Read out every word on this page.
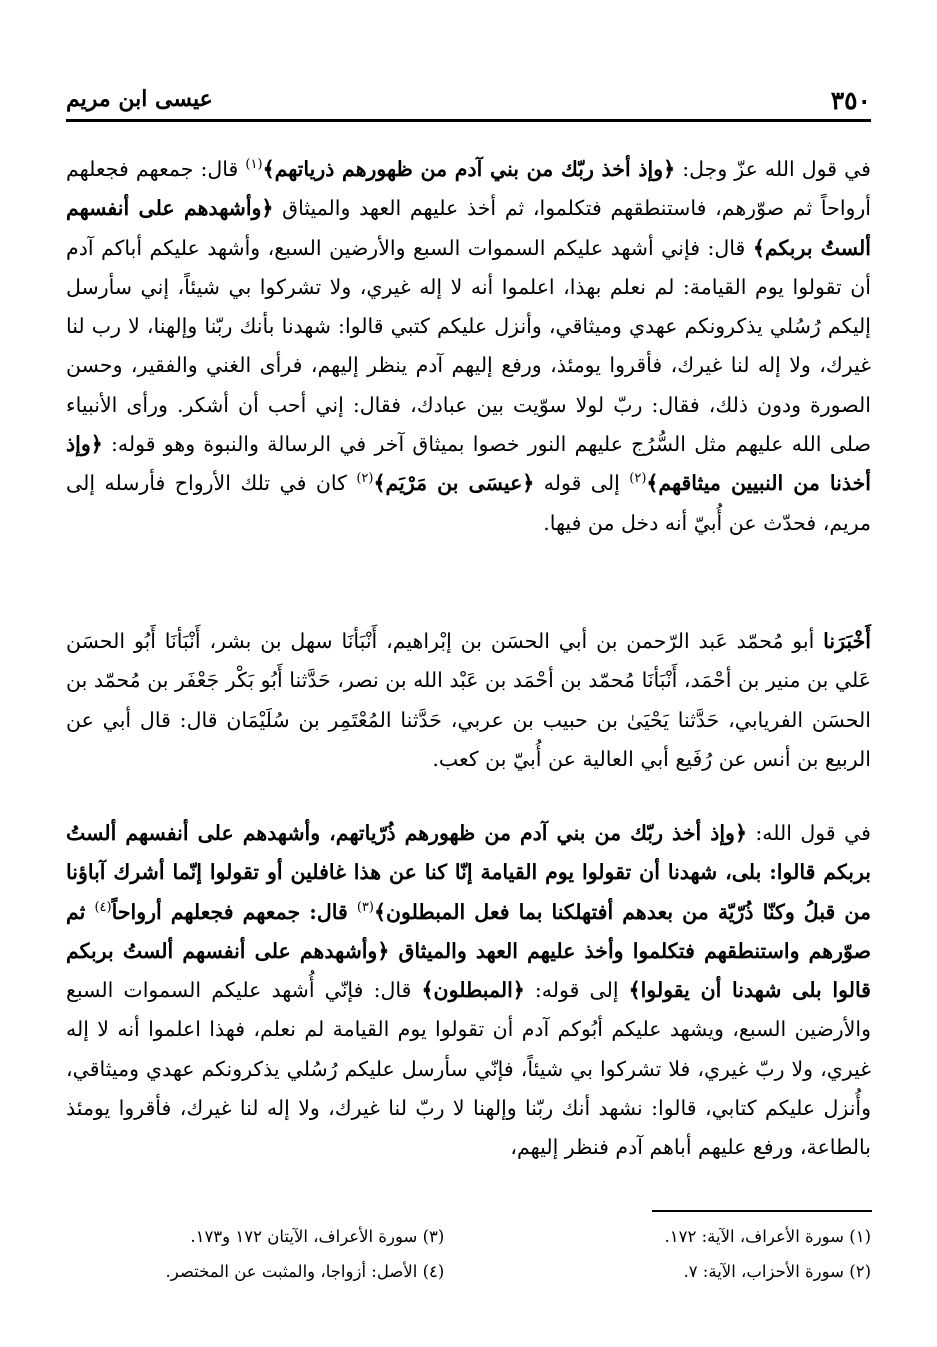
٣٥٠
عيسى ابن مريم

في قول الله عزّ وجل: ﴿وإذ أخذ ربّك من بني آدم من ظهورهم ذرياتهم﴾$^{(١)}$ قال: جمعهم فجعلهم أرواحاً ثم صوّرهم، فاستنطقهم فتكلموا، ثم أخذ عليهم العهد والميثاق ﴿وأشهدهم على أنفسهم ألستُ بربكم﴾ قال: فإني أشهد عليكم السموات السبع والأرضين السبع، وأشهد عليكم أباكم آدم أن تقولوا يوم القيامة: لم نعلم بهذا، اعلموا أنه لا إله غيري، ولا تشركوا بي شيئاً، إني سأرسل إليكم رُسُلي يذكرونكم عهدي وميثاقي، وأنزل عليكم كتبي قالوا: شهدنا بأنك ربّنا وإلهنا، لا رب لنا غيرك، ولا إله لنا غيرك، فأقروا يومئذ، ورفع إليهم آدم ينظر إليهم، فرأى الغني والفقير، وحسن الصورة ودون ذلك، فقال: ربّ لولا سوّيت بين عبادك، فقال: إني أحب أن أشكر. ورأى الأنبياء صلى الله عليهم مثل السُّرُج عليهم النور خصوا بميثاق آخر في الرسالة والنبوة وهو قوله: ﴿وإذ أخذنا من النبيين ميثاقهم﴾$^{(٢)}$ إلى قوله ﴿عيسَى بن مَرْيَم﴾$^{(٢)}$ كان في تلك الأرواح فأرسله إلى مريم، فحدّث عن أُبيّ أنه دخل من فيها.

أَخْبَرَنا أبو مُحمّد عَبد الرّحمن بن أبي الحسَن بن إبْراهيم، أَنْبَأنَا سهل بن بشر، أَنْبَأنَا أَبُو الحسَن عَلي بن منير بن أحْمَد، أَنْبَأنَا مُحمّد بن أحْمَد بن عَبْد الله بن نصر، حَدَّثنا أَبُو بَكْر جَعْفَر بن مُحمّد بن الحسَن الفريابي، حَدَّثنا يَحْيَىٰ بن حبيب بن عربي، حَدَّثنا المُعْتَمِر بن سُلَيْمَان قال: قال أبي عن الربيع بن أنس عن رُفَيع أبي العالية عن أُبيّ بن كعب.

في قول الله: ﴿وإذ أخذ ربّك من بني آدم من ظهورهم ذُرّياتهم، وأشهدهم على أنفسهم ألستُ بربكم قالوا: بلى، شهدنا أن تقولوا يوم القيامة إنّا كنا عن هذا غافلين أو تقولوا إنّما أشرك آباؤنا من قبلُ وكنّا ذُرّيّة من بعدهم أفتهلكنا بما فعل المبطلون﴾$^{(٣)}$ قال: جمعهم فجعلهم أرواحاً$^{(٤)}$ ثم صوّرهم واستنطقهم فتكلموا وأخذ عليهم العهد والميثاق ﴿وأشهدهم على أنفسهم ألستُ بربكم قالوا بلى شهدنا أن يقولوا﴾ إلى قوله: ﴿المبطلون﴾ قال: فإنّي أُشهد عليكم السموات السبع والأرضين السبع، ويشهد عليكم أبُوكم آدم أن تقولوا يوم القيامة لم نعلم، فهذا اعلموا أنه لا إله غيري، ولا ربّ غيري، فلا تشركوا بي شيئاً، فإنّي سأرسل عليكم رُسُلي يذكرونكم عهدي وميثاقي، وأُنزل عليكم كتابي، قالوا: نشهد أنك ربّنا وإلهنا لا ربّ لنا غيرك، ولا إله لنا غيرك، فأقروا يومئذ بالطاعة، ورفع عليهم أباهم آدم فنظر إليهم،

(١) سورة الأعراف، الآية: ١٧٢.
(٢) سورة الأحزاب، الآية: ٧.
(٣) سورة الأعراف، الآيتان ١٧٢ و١٧٣.
(٤) الأصل: أزواجا، والمثبت عن المختصر.
